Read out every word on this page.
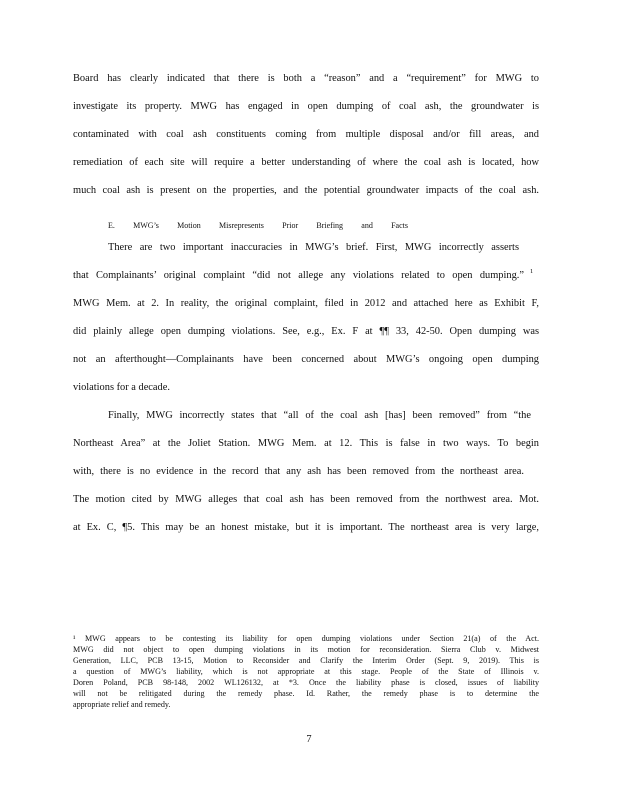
Board has clearly indicated that there is both a “reason” and a “requirement” for MWG to
investigate its property. MWG has engaged in open dumping of coal ash, the groundwater is
contaminated with coal ash constituents coming from multiple disposal and/or fill areas, and
remediation of each site will require a better understanding of where the coal ash is located, how
much coal ash is present on the properties, and the potential groundwater impacts of the coal ash.
E. MWG’s Motion Misrepresents Prior Briefing and Facts
There are two important inaccuracies in MWG’s brief. First, MWG incorrectly asserts
that Complainants’ original complaint “did not allege any violations related to open dumping.” 1
MWG Mem. at 2. In reality, the original complaint, filed in 2012 and attached here as Exhibit F,
did plainly allege open dumping violations. See, e.g., Ex. F at ¶¶ 33, 42-50. Open dumping was
not an afterthought—Complainants have been concerned about MWG’s ongoing open dumping
violations for a decade.
Finally, MWG incorrectly states that “all of the coal ash [has] been removed” from “the
Northeast Area” at the Joliet Station. MWG Mem. at 12. This is false in two ways. To begin
with, there is no evidence in the record that any ash has been removed from the northeast area.
The motion cited by MWG alleges that coal ash has been removed from the northwest area. Mot.
at Ex. C, ¶5. This may be an honest mistake, but it is important. The northeast area is very large,
¹ MWG appears to be contesting its liability for open dumping violations under Section 21(a) of the Act.
MWG did not object to open dumping violations in its motion for reconsideration. Sierra Club v. Midwest
Generation, LLC, PCB 13-15, Motion to Reconsider and Clarify the Interim Order (Sept. 9, 2019). This is
a question of MWG’s liability, which is not appropriate at this stage. People of the State of Illinois v.
Doren Poland, PCB 98-148, 2002 WL126132, at *3. Once the liability phase is closed, issues of liability
will not be relitigated during the remedy phase. Id. Rather, the remedy phase is to determine the
appropriate relief and remedy.
7
